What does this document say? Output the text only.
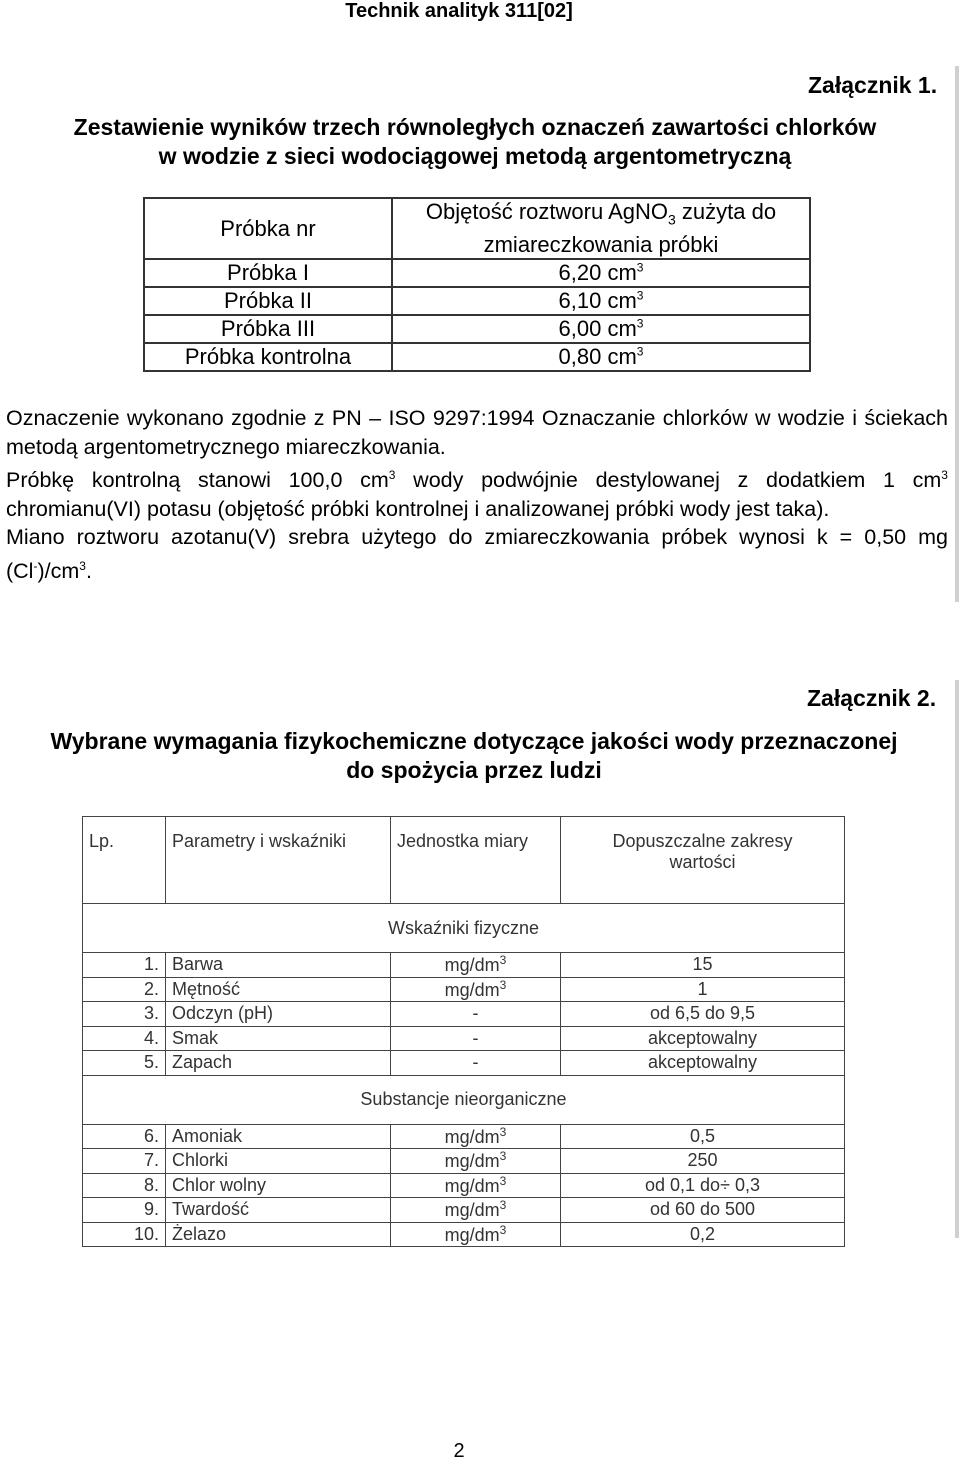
Technik analityk 311[02]
Załącznik 1.
Zestawienie wyników trzech równoległych oznaczeń zawartości chlorków
w wodzie z sieci wodociągowej metodą argentometryczną
Próbka nr	Objętość roztworu AgNO$_3$ zużyta do
zmiareczkowania próbki
Próbka I	6,20 $cm^3$
Próbka II	6,10 $cm^3$
Próbka III	6,00 $cm^3$
Próbka kontrolna	0,80 $cm^3$

Oznaczenie wykonano zgodnie z PN – ISO 9297:1994 Oznaczanie chlorków w wodzie i ściekach metodą argentometrycznego miareczkowania.

Próbkę kontrolną stanowi 100,0 $cm^3$ wody podwójnie destylowanej z dodatkiem 1 $cm^3$ chromianu(VI) potasu (objętość próbki kontrolnej i analizowanej próbki wody jest taka).

Miano roztworu azotanu(V) srebra użytego do zmiareczkowania próbek wynosi k = 0,50 mg $(Cl^-)/cm^3$.

Załącznik 2.
Wybrane wymagania fizykochemiczne dotyczące jakości wody przeznaczonej
do spożycia przez ludzi
Lp.	Parametry i wskaźniki	Jednostka miary	Dopuszczalne zakresy
wartości
Wskaźniki fizyczne			
1.	Barwa	$mg/dm^3$	15
2.	Mętność	$mg/dm^3$	1
3.	Odczyn (pH)	-	od 6,5 do 9,5
4.	Smak	-	akceptowalny
5.	Zapach	-	akceptowalny
Substancje nieorganiczne			
6.	Amoniak	$mg/dm^3$	0,5
7.	Chlorki	$mg/dm^3$	250
8.	Chlor wolny	$mg/dm^3$	od 0,1 do÷ 0,3
9.	Twardość	$mg/dm^3$	od 60 do 500
10.	Żelazo	$mg/dm^3$	0,2
2
